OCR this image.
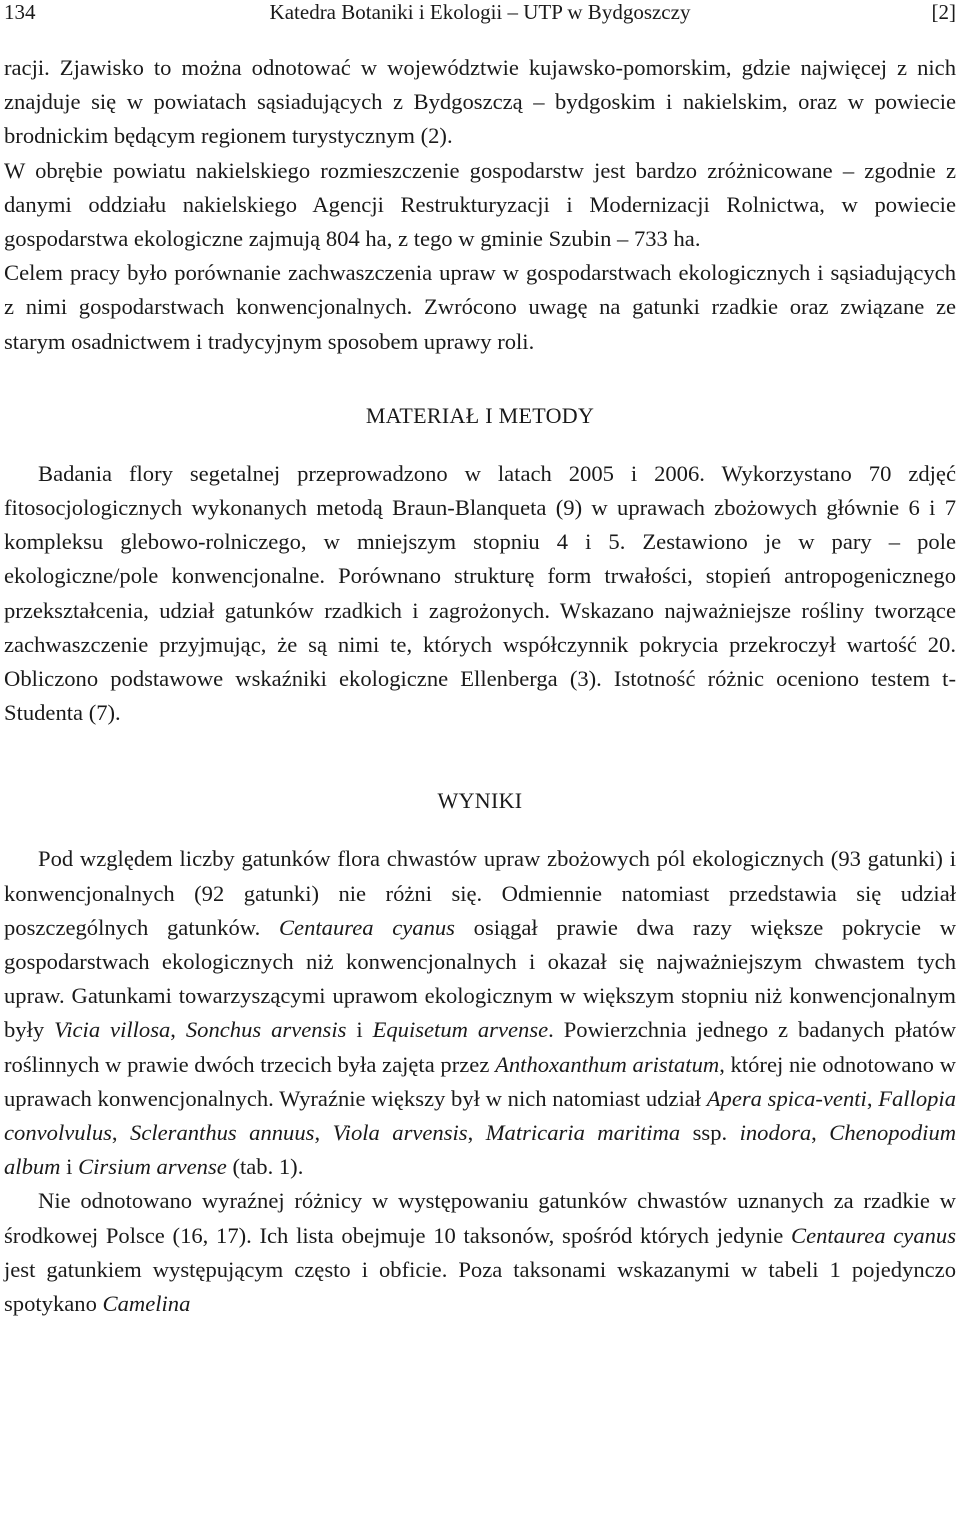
134	Katedra Botaniki i Ekologii – UTP w Bydgoszczy	[2]

racji. Zjawisko to można odnotować w województwie kujawsko-pomorskim, gdzie najwięcej z nich znajduje się w powiatach sąsiadujących z Bydgoszczą – bydgoskim i nakielskim, oraz w powiecie brodnickim będącym regionem turystycznym (2).

W obrębie powiatu nakielskiego rozmieszczenie gospodarstw jest bardzo zróżnicowane – zgodnie z danymi oddziału nakielskiego Agencji Restrukturyzacji i Modernizacji Rolnictwa, w powiecie gospodarstwa ekologiczne zajmują 804 ha, z tego w gminie Szubin – 733 ha.

Celem pracy było porównanie zachwaszczenia upraw w gospodarstwach ekologicznych i sąsiadujących z nimi gospodarstwach konwencjonalnych. Zwrócono uwagę na gatunki rzadkie oraz związane ze starym osadnictwem i tradycyjnym sposobem uprawy roli.

MATERIAŁ I METODY

Badania flory segetalnej przeprowadzono w latach 2005 i 2006. Wykorzystano 70 zdjęć fitosocjologicznych wykonanych metodą Braun-Blanqueta (9) w uprawach zbożowych głównie 6 i 7 kompleksu glebowo-rolniczego, w mniejszym stopniu 4 i 5. Zestawiono je w pary – pole ekologiczne/pole konwencjonalne. Porównano strukturę form trwałości, stopień antropogenicznego przekształcenia, udział gatunków rzadkich i zagrożonych. Wskazano najważniejsze rośliny tworzące zachwaszczenie przyjmując, że są nimi te, których współczynnik pokrycia przekroczył wartość 20. Obliczono podstawowe wskaźniki ekologiczne Ellenberga (3). Istotność różnic oceniono testem t-Studenta (7).

WYNIKI

Pod względem liczby gatunków flora chwastów upraw zbożowych pól ekologicznych (93 gatunki) i konwencjonalnych (92 gatunki) nie różni się. Odmiennie natomiast przedstawia się udział poszczególnych gatunków. Centaurea cyanus osiągał prawie dwa razy większe pokrycie w gospodarstwach ekologicznych niż konwencjonalnych i okazał się najważniejszym chwastem tych upraw. Gatunkami towarzyszącymi uprawom ekologicznym w większym stopniu niż konwencjonalnym były Vicia villosa, Sonchus arvensis i Equisetum arvense. Powierzchnia jednego z badanych płatów roślinnych w prawie dwóch trzecich była zajęta przez Anthoxanthum aristatum, której nie odnotowano w uprawach konwencjonalnych. Wyraźnie większy był w nich natomiast udział Apera spica-venti, Fallopia convolvulus, Scleranthus annuus, Viola arvensis, Matricaria maritima ssp. inodora, Chenopodium album i Cirsium arvense (tab. 1).

Nie odnotowano wyraźnej różnicy w występowaniu gatunków chwastów uznanych za rzadkie w środkowej Polsce (16, 17). Ich lista obejmuje 10 taksonów, spośród których jedynie Centaurea cyanus jest gatunkiem występującym często i obficie. Poza taksonami wskazanymi w tabeli 1 pojedynczo spotykano Camelina
